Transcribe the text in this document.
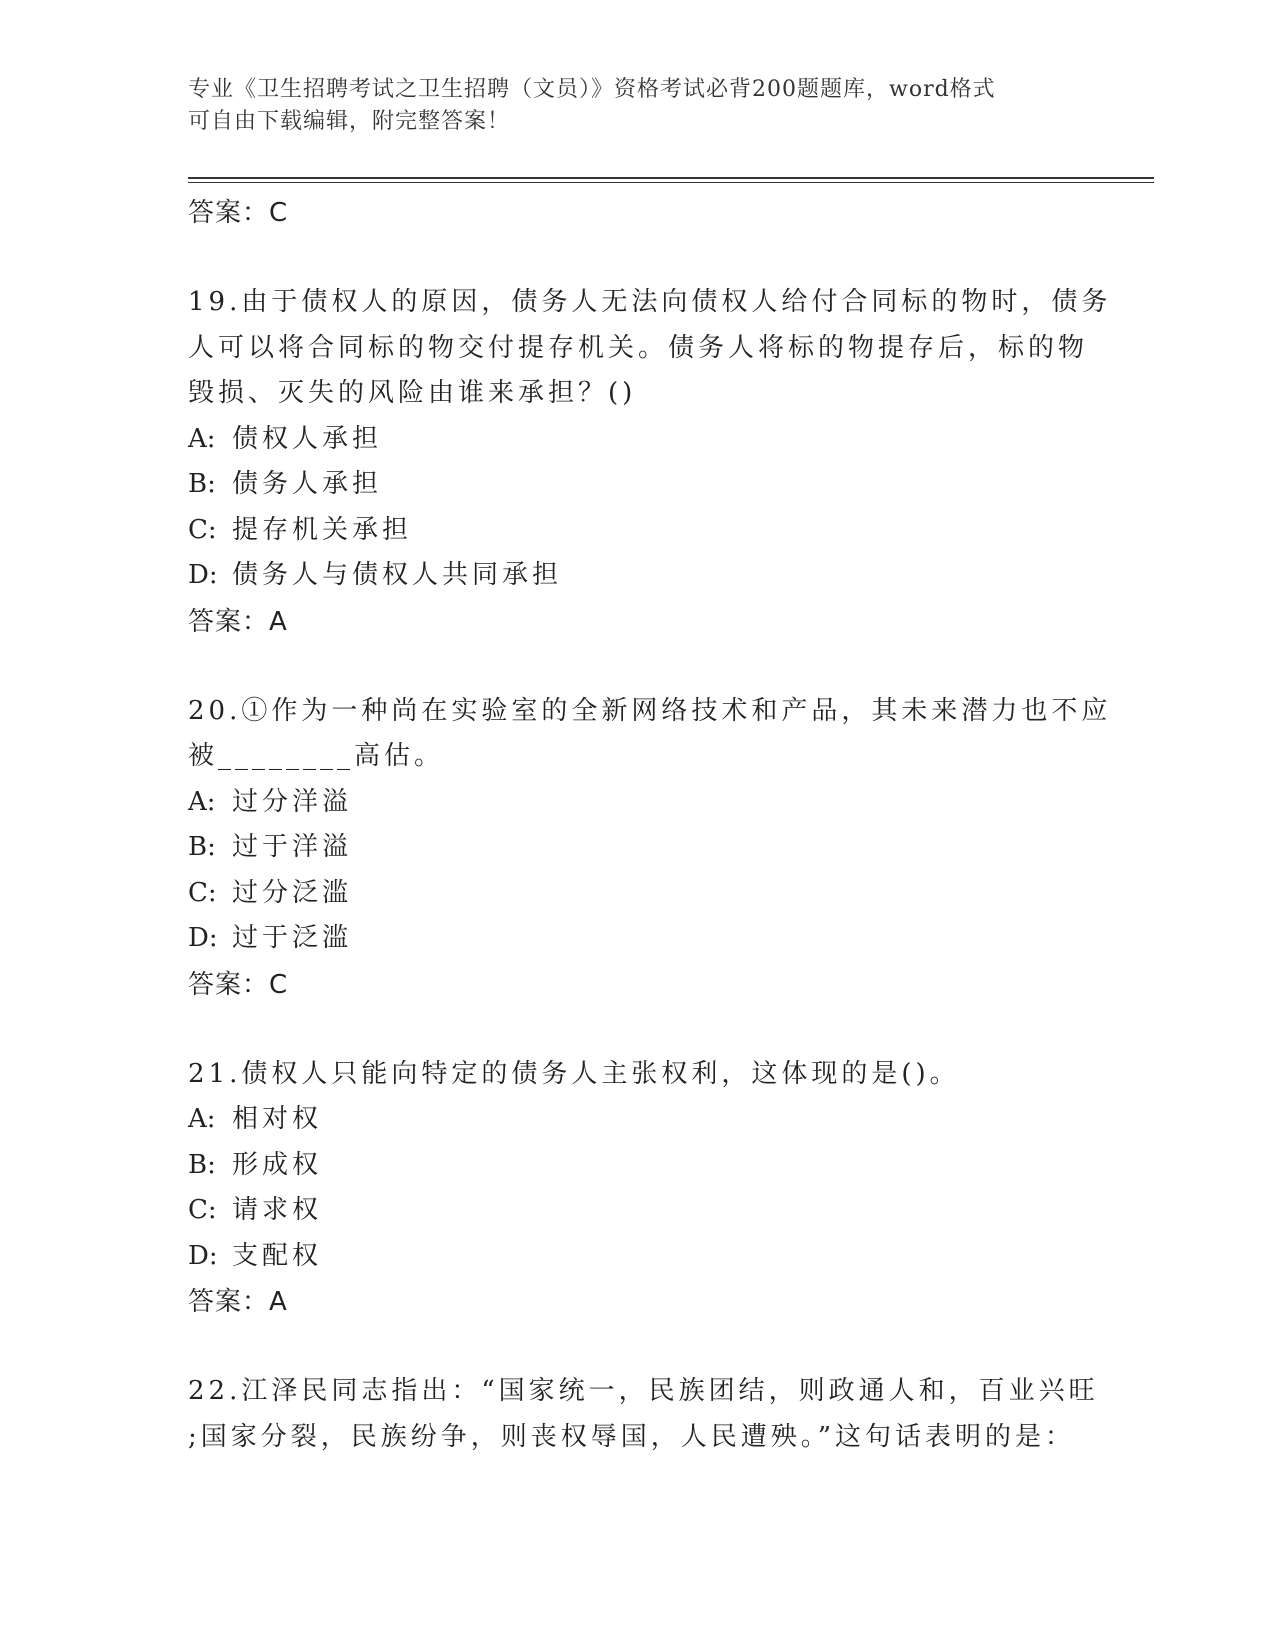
专业《卫生招聘考试之卫生招聘（文员）》资格考试必背200题题库，word格式
可自由下载编辑，附完整答案！
答案：C
19.由于债权人的原因，债务人无法向债权人给付合同标的物时，债务
人可以将合同标的物交付提存机关。债务人将标的物提存后，标的物
毁损、灭失的风险由谁来承担？()
A: 债权人承担
B: 债务人承担
C: 提存机关承担
D: 债务人与债权人共同承担
答案：A
20.①作为一种尚在实验室的全新网络技术和产品，其未来潜力也不应
被________高估。
A: 过分洋溢
B: 过于洋溢
C: 过分泛滥
D: 过于泛滥
答案：C
21.债权人只能向特定的债务人主张权利，这体现的是()。
A: 相对权
B: 形成权
C: 请求权
D: 支配权
答案：A
22.江泽民同志指出：“国家统一，民族团结，则政通人和，百业兴旺
;国家分裂，民族纷争，则丧权辱国，人民遭殃。”这句话表明的是：
